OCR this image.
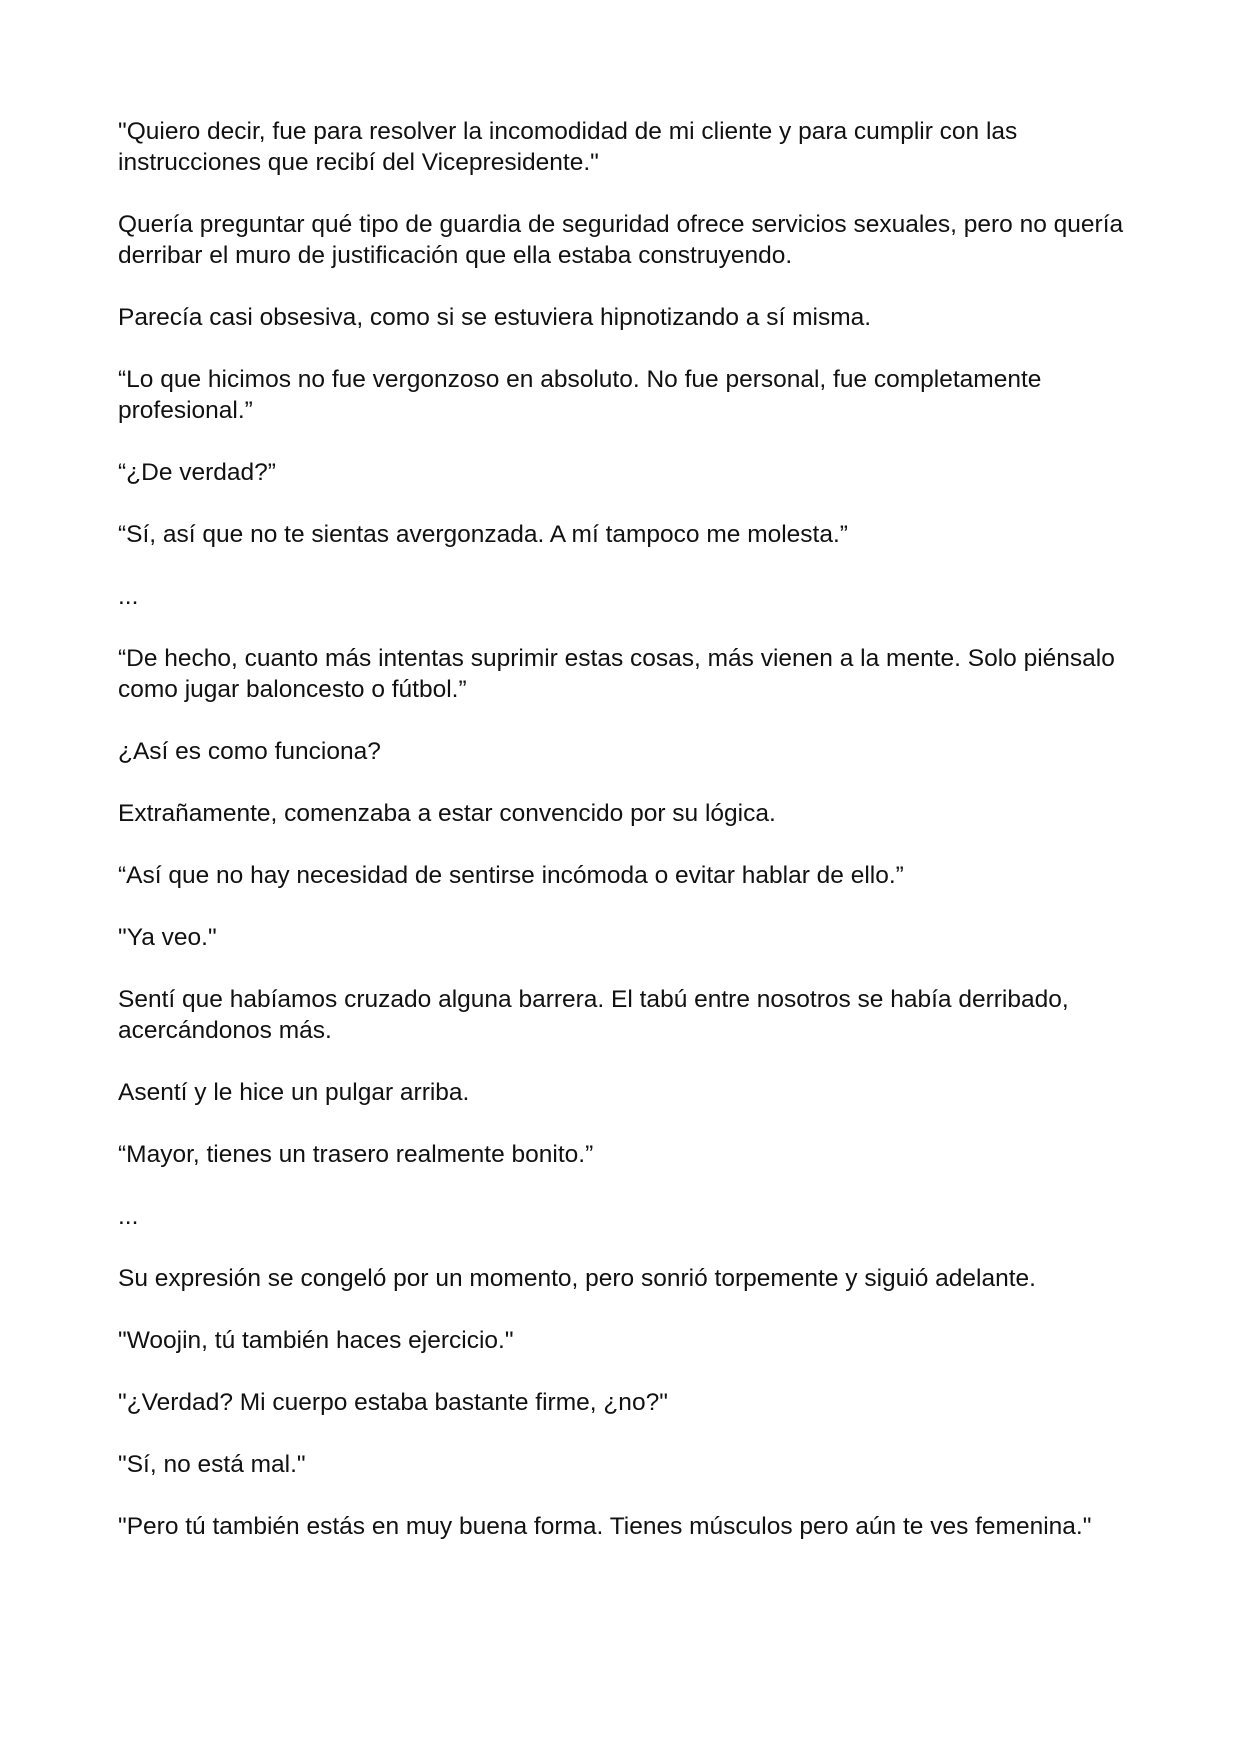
"Quiero decir, fue para resolver la incomodidad de mi cliente y para cumplir con las instrucciones que recibí del Vicepresidente."

Quería preguntar qué tipo de guardia de seguridad ofrece servicios sexuales, pero no quería derribar el muro de justificación que ella estaba construyendo.

Parecía casi obsesiva, como si se estuviera hipnotizando a sí misma.

“Lo que hicimos no fue vergonzoso en absoluto. No fue personal, fue completamente profesional.”

“¿De verdad?”

“Sí, así que no te sientas avergonzada. A mí tampoco me molesta.”

...

“De hecho, cuanto más intentas suprimir estas cosas, más vienen a la mente. Solo piénsalo como jugar baloncesto o fútbol.”

¿Así es como funciona?

Extrañamente, comenzaba a estar convencido por su lógica.

“Así que no hay necesidad de sentirse incómoda o evitar hablar de ello.”

"Ya veo."

Sentí que habíamos cruzado alguna barrera. El tabú entre nosotros se había derribado, acercándonos más.

Asentí y le hice un pulgar arriba.

“Mayor, tienes un trasero realmente bonito.”

...

Su expresión se congeló por un momento, pero sonrió torpemente y siguió adelante.

"Woojin, tú también haces ejercicio."

"¿Verdad? Mi cuerpo estaba bastante firme, ¿no?"

"Sí, no está mal."

"Pero tú también estás en muy buena forma. Tienes músculos pero aún te ves femenina."
